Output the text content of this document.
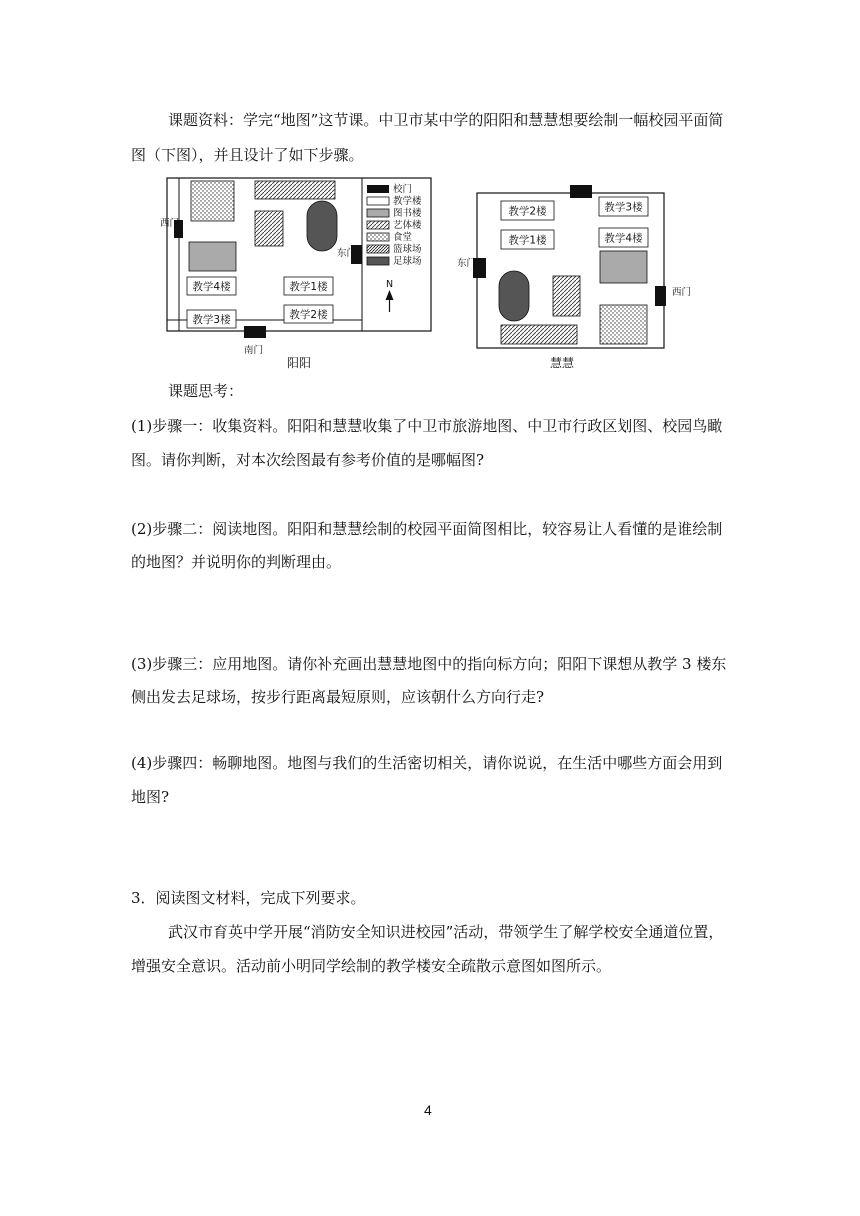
教学4楼
教学3楼
教学1楼
教学2楼
西门
东门
南门
校门
教学楼
图书楼
艺体楼
食堂
篮球场
足球场
N
阳阳
教学2楼
教学1楼
教学3楼
教学4楼
东门
西门
慧慧
课题资料：学完“地图”这节课。中卫市某中学的阳阳和慧慧想要绘制一幅校园平面简
图（下图），并且设计了如下步骤。
课题思考：
(1)步骤一：收集资料。阳阳和慧慧收集了中卫市旅游地图、中卫市行政区划图、校园鸟瞰
图。请你判断，对本次绘图最有参考价值的是哪幅图?
(2)步骤二：阅读地图。阳阳和慧慧绘制的校园平面简图相比，较容易让人看懂的是谁绘制
的地图？并说明你的判断理由。
(3)步骤三：应用地图。请你补充画出慧慧地图中的指向标方向；阳阳下课想从教学 3 楼东
侧出发去足球场，按步行距离最短原则，应该朝什么方向行走?
(4)步骤四：畅聊地图。地图与我们的生活密切相关，请你说说，在生活中哪些方面会用到
地图?
3．阅读图文材料，完成下列要求。
武汉市育英中学开展“消防安全知识进校园”活动，带领学生了解学校安全通道位置，
增强安全意识。活动前小明同学绘制的教学楼安全疏散示意图如图所示。
4
